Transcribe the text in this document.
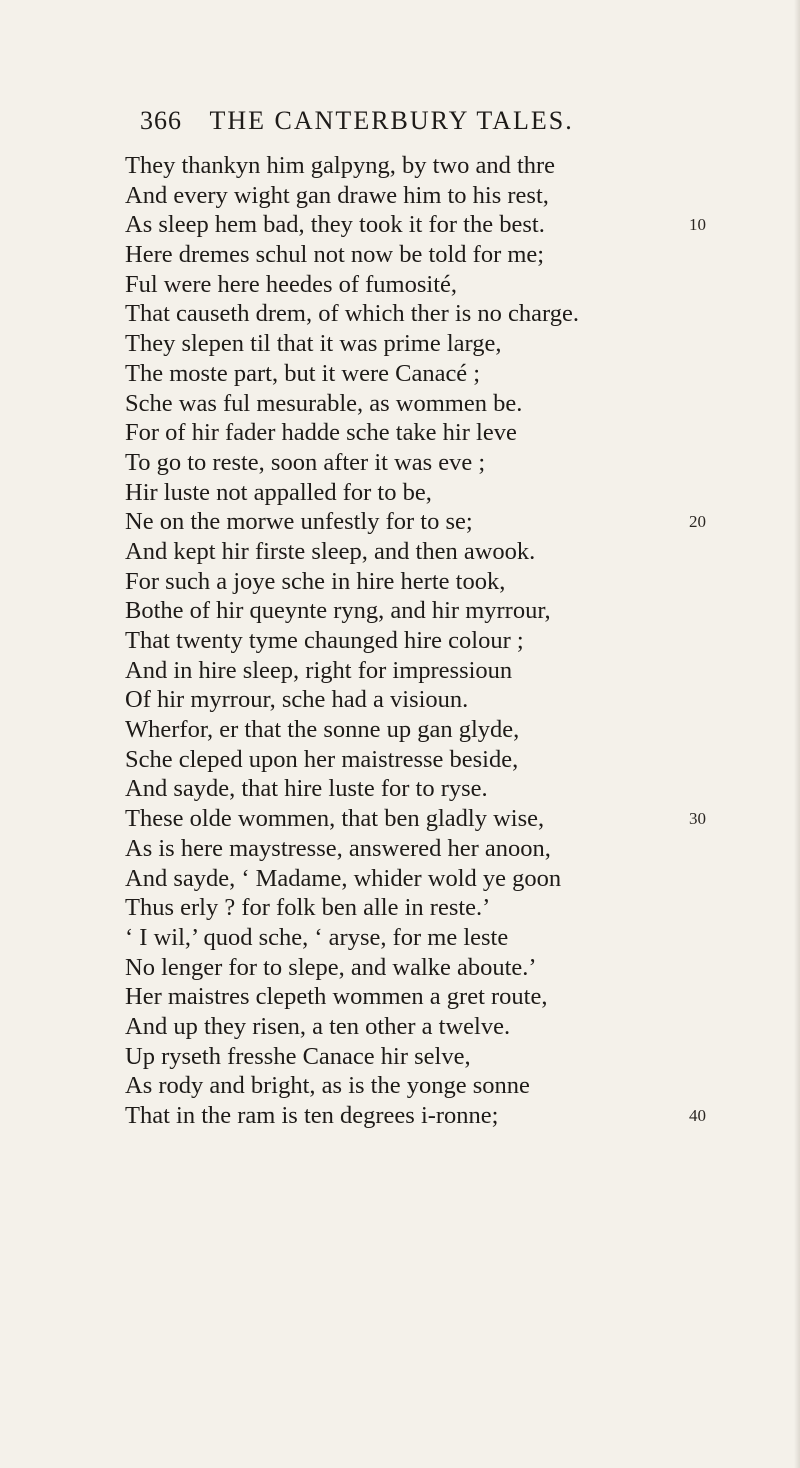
366 THE CANTERBURY TALES.
They thankyn him galpyng, by two and thre
And every wight gan drawe him to his rest,
As sleep hem bad, they took it for the best.	10
Here dremes schul not now be told for me;
Ful were here heedes of fumosité,
That causeth drem, of which ther is no charge.
They slepen til that it was prime large,
The moste part, but it were Canacé ;
Sche was ful mesurable, as wommen be.
For of hir fader hadde sche take hir leve
To go to reste, soon after it was eve ;
Hir luste not appalled for to be,
Ne on the morwe unfestly for to se;	20
And kept hir firste sleep, and then awook.
For such a joye sche in hire herte took,
Bothe of hir queynte ryng, and hir myrrour,
That twenty tyme chaunged hire colour ;
And in hire sleep, right for impressioun
Of hir myrrour, sche had a visioun.
Wherfor, er that the sonne up gan glyde,
Sche cleped upon her maistresse beside,
And sayde, that hire luste for to ryse.
These olde wommen, that ben gladly wise,	30
As is here maystresse, answered her anoon,
And sayde, ‘ Madame, whider wold ye goon
Thus erly ? for folk ben alle in reste.’
‘ I wil,’ quod sche, ‘ aryse, for me leste
No lenger for to slepe, and walke aboute.’
Her maistres clepeth wommen a gret route,
And up they risen, a ten other a twelve.
Up ryseth fresshe Canace hir selve,
As rody and bright, as is the yonge sonne
That in the ram is ten degrees i-ronne;	40
